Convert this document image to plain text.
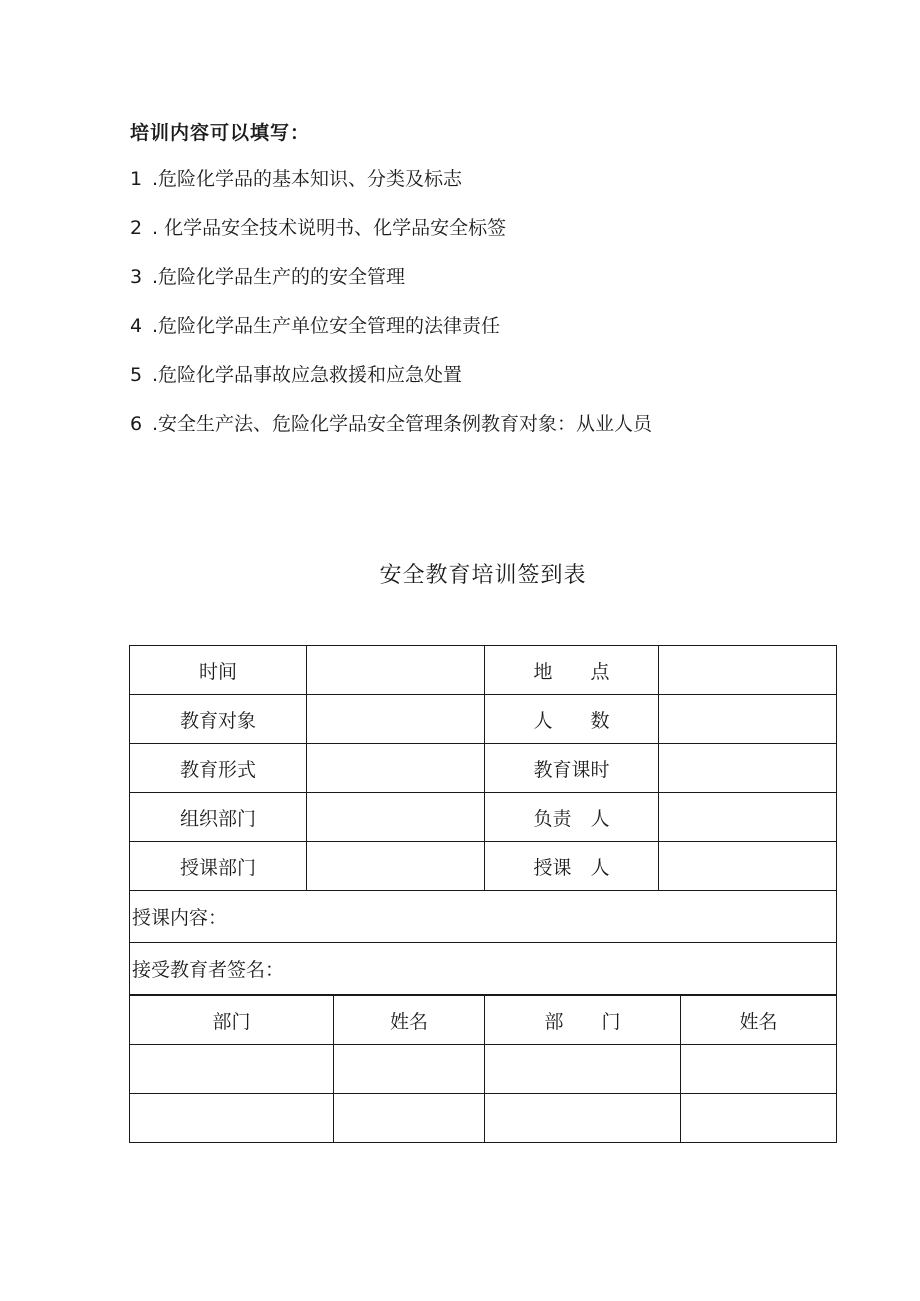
培训内容可以填写：
1 .危险化学品的基本知识、分类及标志
2 . 化学品安全技术说明书、化学品安全标签
3 .危险化学品生产的的安全管理
4 .危险化学品生产单位安全管理的法律责任
5 .危险化学品事故应急救援和应急处置
6 .安全生产法、危险化学品安全管理条例教育对象：从业人员
安全教育培训签到表
时间		地　　点	
教育对象		人　　数	
教育形式		教育课时	
组织部门		负责　人	
授课部门		授课　人	
授课内容：			
接受教育者签名：			
部门	姓名	部　　门	姓名
